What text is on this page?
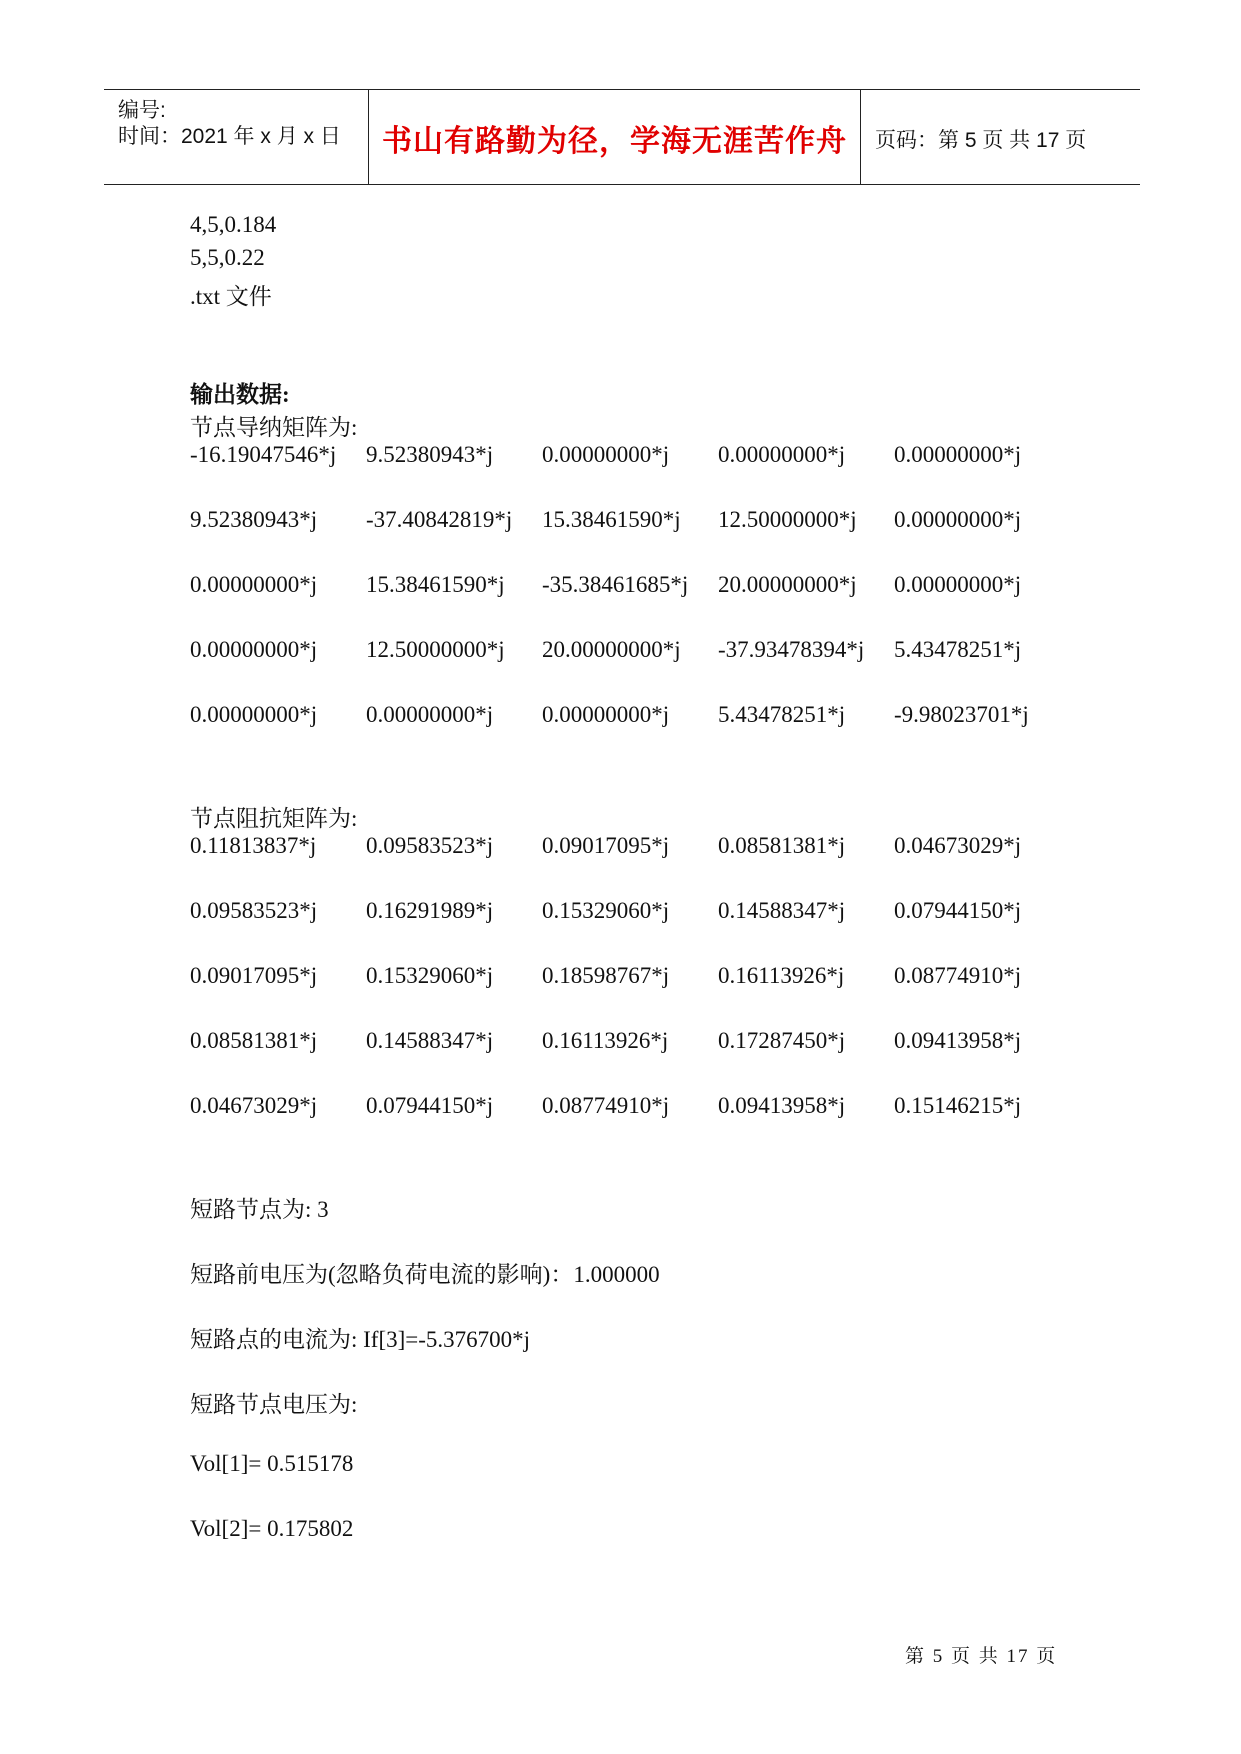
编号:
时间：2021 年 x 月 x 日	书山有路勤为径，学海无涯苦作舟	页码：第 5 页 共 17 页
4,5,0.184
5,5,0.22
.txt 文件
输出数据:
节点导纳矩阵为:
-16.19047546*j 9.52380943*j 0.00000000*j 0.00000000*j 0.00000000*j
9.52380943*j -37.40842819*j 15.38461590*j 12.50000000*j 0.00000000*j
0.00000000*j 15.38461590*j -35.38461685*j 20.00000000*j 0.00000000*j
0.00000000*j 12.50000000*j 20.00000000*j -37.93478394*j 5.43478251*j
0.00000000*j 0.00000000*j 0.00000000*j 5.43478251*j -9.98023701*j
节点阻抗矩阵为:
0.11813837*j 0.09583523*j 0.09017095*j 0.08581381*j 0.04673029*j
0.09583523*j 0.16291989*j 0.15329060*j 0.14588347*j 0.07944150*j
0.09017095*j 0.15329060*j 0.18598767*j 0.16113926*j 0.08774910*j
0.08581381*j 0.14588347*j 0.16113926*j 0.17287450*j 0.09413958*j
0.04673029*j 0.07944150*j 0.08774910*j 0.09413958*j 0.15146215*j
短路节点为: 3
短路前电压为(忽略负荷电流的影响)：1.000000
短路点的电流为: If[3]=-5.376700*j
短路节点电压为:
Vol[1]= 0.515178
Vol[2]= 0.175802
第 5 页 共 17 页
